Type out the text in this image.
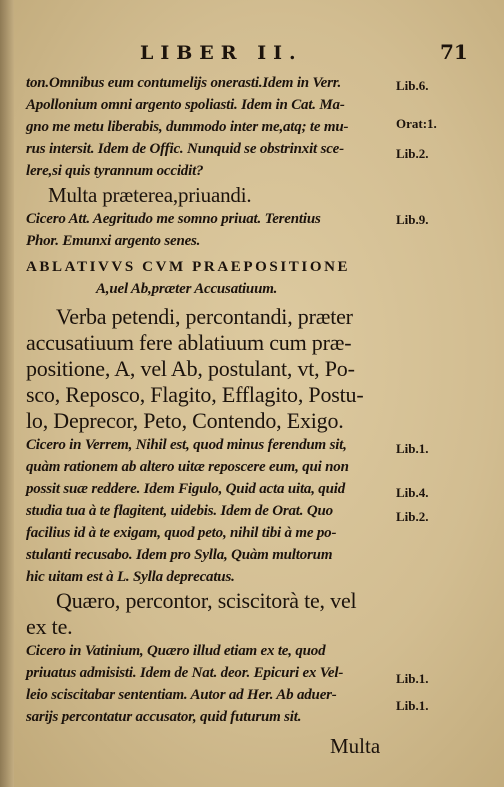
LIBER II.	71
ton.Omnibus eum contumelijs onerasti.Idem in Verr.
Apollonium omni argento spoliasti. Idem in Cat. Ma-
gno me metu liberabis, dummodo inter me,atq; te mu-
rus intersit. Idem de Offic. Nunquid se obstrinxit sce-
lere,si quis tyrannum occidit?
Multa præterea,priuandi.
Cicero Att. Aegritudo me somno priuat. Terentius
Phor. Emunxi argento senes.
ABLATIVVS CVM PRAEPOSITIONE
A,uel Ab,præter Accusatiuum.
Verba petendi, percontandi, præter
accusatiuum fere ablatiuum cum præ-
positione, A, vel Ab, postulant, vt, Po-
sco, Reposco, Flagito, Efflagito, Postu-
lo, Deprecor, Peto, Contendo, Exigo.
Cicero in Verrem, Nihil est, quod minus ferendum sit,
quàm rationem ab altero uitæ reposcere eum, qui non
possit suæ reddere. Idem Figulo, Quid acta uita, quid
studia tua à te flagitent, uidebis. Idem de Orat. Quo
facilius id à te exigam, quod peto, nihil tibi à me po-
stulanti recusabo. Idem pro Sylla, Quàm multorum
hic uitam est à L. Sylla deprecatus.
Quæro, percontor, sciscitorà te, vel
ex te.
Cicero in Vatinium, Quæro illud etiam ex te, quod
priuatus admisisti. Idem de Nat. deor. Epicuri ex Vel-
leio sciscitabar sententiam. Autor ad Her. Ab aduer-
sarijs percontatur accusator, quid futurum sit.
Lib.6.
Orat:1.
Lib.2.
Lib.9.
Lib.1.
Lib.4.
Lib.2.
Lib.1.
Lib.1.
Multa
